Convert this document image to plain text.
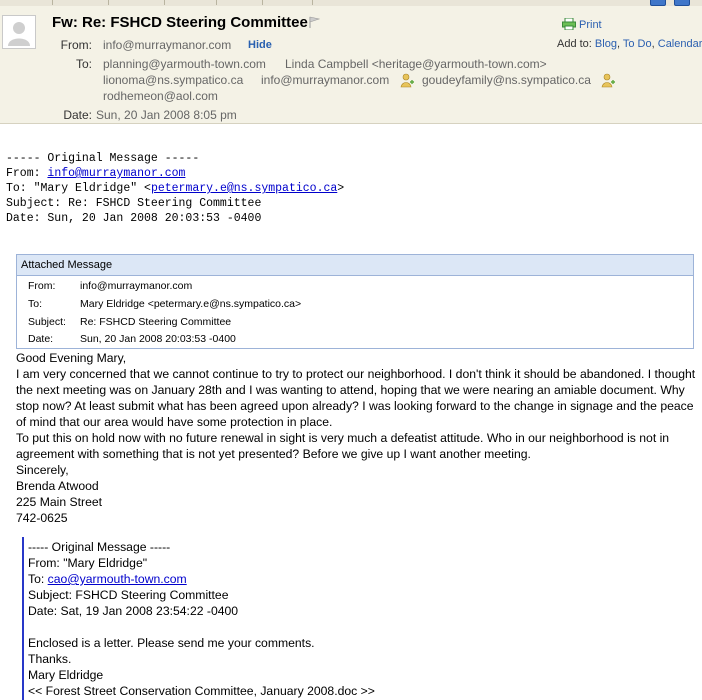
Fw: Re: FSHCD Steering Committee
From: info@murraymanor.com Hide
To: planning@yarmouth-town.com Linda Campbell <heritage@yarmouth-town.com>
lionoma@ns.sympatico.ca info@murraymanor.com	goudeyfamily@ns.sympatico.ca
rodhemeon@aol.com
Date: Sun, 20 Jan 2008 8:05 pm
Print
Add to: Blog, To Do, Calendar
----- Original Message -----
From: info@murraymanor.com
To: "Mary Eldridge" <petermary.e@ns.sympatico.ca>
Subject: Re: FSHCD Steering Committee
Date: Sun, 20 Jan 2008 20:03:53 -0400
Attached Message
From: info@murraymanor.com
To:	Mary Eldridge <petermary.e@ns.sympatico.ca>
Subject: Re: FSHCD Steering Committee
Date:	Sun, 20 Jan 2008 20:03:53 -0400

Good Evening Mary,

I am very concerned that we cannot continue to try to protect our neighborhood. I don't think it should be abandoned. I thought the next meeting was on January 28th and I was wanting to attend, hoping that we were nearing an amiable document. Why stop now? At least submit what has been agreed upon already? I was looking forward to the change in signage and the peace of mind that our area would have some protection in place.

To put this on hold now with no future renewal in sight is very much a defeatist attitude. Who in our neighborhood is not in agreement with something that is not yet presented? Before we give up I want another meeting.

Sincerely,

Brenda Atwood

225 Main Street

742-0625

----- Original Message -----
From: "Mary Eldridge"
To: cao@yarmouth-town.com
Subject: FSHCD Steering Committee
Date: Sat, 19 Jan 2008 23:54:22 -0400
Enclosed is a letter. Please send me your comments.
Thanks.
Mary Eldridge
<< Forest Street Conservation Committee, January 2008.doc >>
